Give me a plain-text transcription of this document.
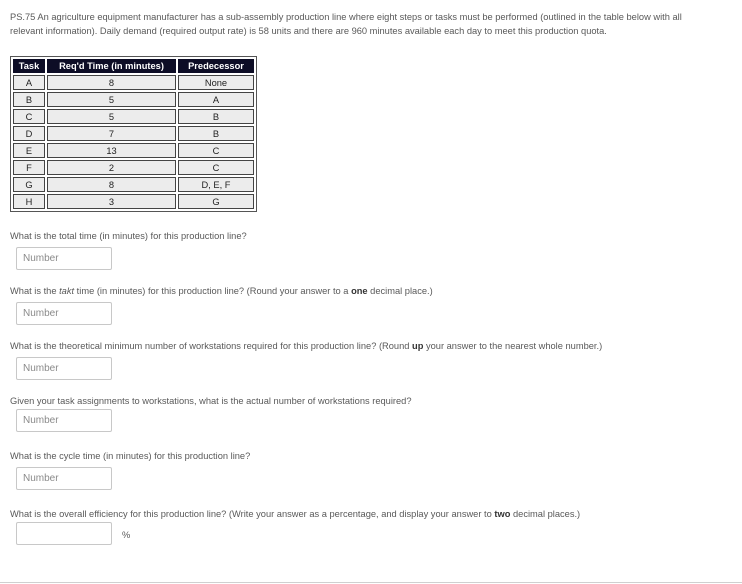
PS.75 An agriculture equipment manufacturer has a sub-assembly production line where eight steps or tasks must be performed (outlined in the table below with all relevant information). Daily demand (required output rate) is 58 units and there are 960 minutes available each day to meet this production quota.
Task	Req'd Time (in minutes)	Predecessor
A	8	None
B	5	A
C	5	B
D	7	B
E	13	C
F	2	C
G	8	D, E, F
H	3	G
What is the total time (in minutes) for this production line?
Number
What is the takt time (in minutes) for this production line? (Round your answer to a one decimal place.)
Number
What is the theoretical minimum number of workstations required for this production line? (Round up your answer to the nearest whole number.)
Number
Given your task assignments to workstations, what is the actual number of workstations required?
Number
What is the cycle time (in minutes) for this production line?
Number
What is the overall efficiency for this production line? (Write your answer as a percentage, and display your answer to two decimal places.)
%
